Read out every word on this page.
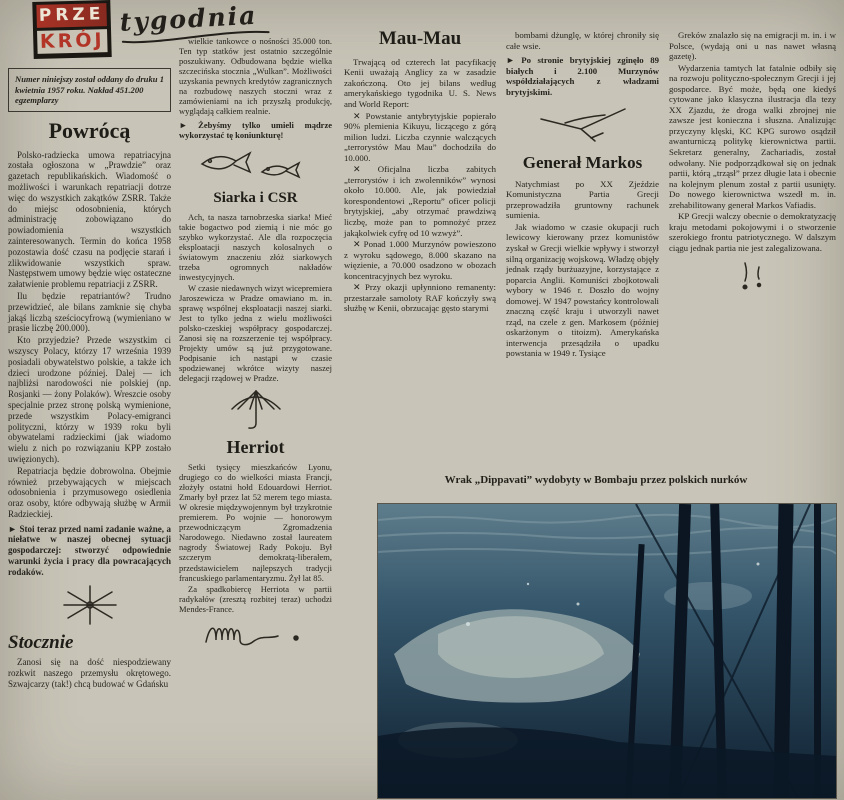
PRZE
KRÓJ
tygodnia
Numer niniejszy został oddany do druku 1 kwietnia 1957 roku. Nakład 451.200 egzemplarzy
Powrócą

Polsko-radziecka umowa repatriacyjna została ogłoszona w „Prawdzie” oraz gazetach republikańskich. Wiadomość o możliwości i warunkach repatriacji dotrze więc do wszystkich zakątków ZSRR. Także do miejsc odosobnienia, których administrację zobowiązano do powiadomienia wszystkich zainteresowanych. Termin do końca 1958 pozostawia dość czasu na podjęcie starań i zlikwidowanie wszystkich spraw. Następstwem umowy będzie więc ostateczne załatwienie problemu repatriacji z ZSRR.

Ilu będzie repatriantów? Trudno przewidzieć, ale bilans zamknie się chyba jakąś liczbą sześciocyfrową (wymieniano w prasie liczbę 200.000).

Kto przyjedzie? Przede wszystkim ci wszyscy Polacy, którzy 17 września 1939 posiadali obywatelstwo polskie, a także ich dzieci urodzone później. Dalej — ich najbliżsi narodowości nie polskiej (np. Rosjanki — żony Polaków). Wreszcie osoby specjalnie przez stronę polską wymienione, przede wszystkim Polacy-emigranci polityczni, którzy w 1939 roku byli obywatelami radzieckimi (jak wiadomo wielu z nich po rozwiązaniu KPP zostało uwięzionych).

Repatriacja będzie dobrowolna. Obejmie również przebywających w miejscach odosobnienia i przymusowego osiedlenia oraz osoby, które odbywają służbę w Armii Radzieckiej.

► Stoi teraz przed nami zadanie ważne, a niełatwe w naszej obecnej sytuacji gospodarczej: stworzyć odpowiednie warunki życia i pracy dla powracających rodaków.

Stocznie

Zanosi się na dość niespodziewany rozkwit naszego przemysłu okrętowego. Szwajcarzy (tak!) chcą budować w Gdańsku

wielkie tankowce o nośności 35.000 ton. Ten typ statków jest ostatnio szczególnie poszukiwany. Odbudowana będzie wielka szczecińska stocznia „Wulkan”. Możliwości uzyskania pewnych kredytów zagranicznych na rozbudowę naszych stoczni wraz z zamówieniami na ich przyszłą produkcję, wyglądają całkiem realnie.

► Żebyśmy tylko umieli mądrze wykorzystać tę koniunkturę!

Siarka i CSR

Ach, ta nasza tarnobrzeska siarka! Mieć takie bogactwo pod ziemią i nie móc go szybko wykorzystać. Ale dla rozpoczęcia eksploatacji naszych kolosalnych o światowym znaczeniu złóż siarkowych trzeba ogromnych nakładów inwestycyjnych.

W czasie niedawnych wizyt wicepremiera Jaroszewicza w Pradze omawiano m. in. sprawę wspólnej eksploatacji naszej siarki. Jest to tylko jedna z wielu możliwości polsko-czeskiej współpracy gospodarczej. Zanosi się na rozszerzenie tej współpracy. Projekty umów są już przygotowane. Podpisanie ich nastąpi w czasie spodziewanej wkrótce wizyty naszej delegacji rządowej w Pradze.

Herriot

Setki tysięcy mieszkańców Lyonu, drugiego co do wielkości miasta Francji, złożyły ostatni hołd Edouardowi Herriot. Zmarły był przez lat 52 merem tego miasta. W okresie międzywojennym był trzykrotnie premierem. Po wojnie — honorowym przewodniczącym Zgromadzenia Narodowego. Niedawno został laureatem nagrody Światowej Rady Pokoju. Był szczerym demokratą-liberałem, przedstawicielem najlepszych tradycji francuskiego parlamentaryzmu. Żył lat 85.

Za spadkobiercę Herriota w partii radykałów (zresztą rozbitej teraz) uchodzi Mendes-France.

Mau-Mau

Trwającą od czterech lat pacyfikację Kenii uważają Anglicy za w zasadzie zakończoną. Oto jej bilans według amerykańskiego tygodnika U. S. News and World Report:

✕ Powstanie antybrytyjskie popierało 90% plemienia Kikuyu, liczącego z górą milion ludzi. Liczba czynnie walczących „terrorystów Mau Mau” dochodziła do 10.000.

✕ Oficjalna liczba zabitych „terrorystów i ich zwolenników” wynosi około 10.000. Ale, jak powiedział korespondentowi „Reportu” oficer policji brytyjskiej, „aby otrzymać prawdziwą liczbę, może pan to pomnożyć przez jakąkolwiek cyfrę od 10 wzwyż”.

✕ Ponad 1.000 Murzynów powieszono z wyroku sądowego, 8.000 skazano na więzienie, a 70.000 osadzono w obozach koncentracyjnych bez wyroku.

✕ Przy okazji upłynniono remanenty: przestarzałe samoloty RAF kończyły swą służbę w Kenii, obrzucając gęsto starymi

bombami dżunglę, w której chroniły się całe wsie.

► Po stronie brytyjskiej zginęło 89 białych i 2.100 Murzynów współdziałających z władzami brytyjskimi.

Generał Markos

Natychmiast po XX Zjeździe Komunistyczna Partia Grecji przeprowadziła gruntowny rachunek sumienia.

Jak wiadomo w czasie okupacji ruch lewicowy kierowany przez komunistów zyskał w Grecji wielkie wpływy i stworzył silną organizację wojskową. Władzę objęły jednak rządy burżuazyjne, korzystające z poparcia Anglii. Komuniści zbojkotowali wybory w 1946 r. Doszło do wojny domowej. W 1947 powstańcy kontrolowali znaczną część kraju i utworzyli nawet rząd, na czele z gen. Markosem (później oskarżonym o titoizm). Amerykańska interwencja przesądziła o upadku powstania w 1949 r. Tysiące

Greków znalazło się na emigracji m. in. i w Polsce, (wydają oni u nas nawet własną gazetę).

Wydarzenia tamtych lat fatalnie odbiły się na rozwoju polityczno-społecznym Grecji i jej gospodarce. Być może, będą one kiedyś cytowane jako klasyczna ilustracja dla tezy XX Zjazdu, że droga walki zbrojnej nie zawsze jest konieczna i słuszna. Analizując przyczyny klęski, KC KPG surowo osądził awanturniczą politykę kierownictwa partii. Sekretarz generalny, Zachariadis, został odwołany. Nie podporządkował się on jednak partii, którą „trząsł” przez długie lata i obecnie na kolejnym plenum został z partii usunięty. Do nowego kierownictwa wszedł m. in. zrehabilitowany generał Markos Vafiadis.

KP Grecji walczy obecnie o demokratyzację kraju metodami pokojowymi i o stworzenie szerokiego frontu patriotycznego. W dalszym ciągu jednak partia nie jest zalegalizowana.

Wrak „Dippavati” wydobyty w Bombaju przez polskich nurków
